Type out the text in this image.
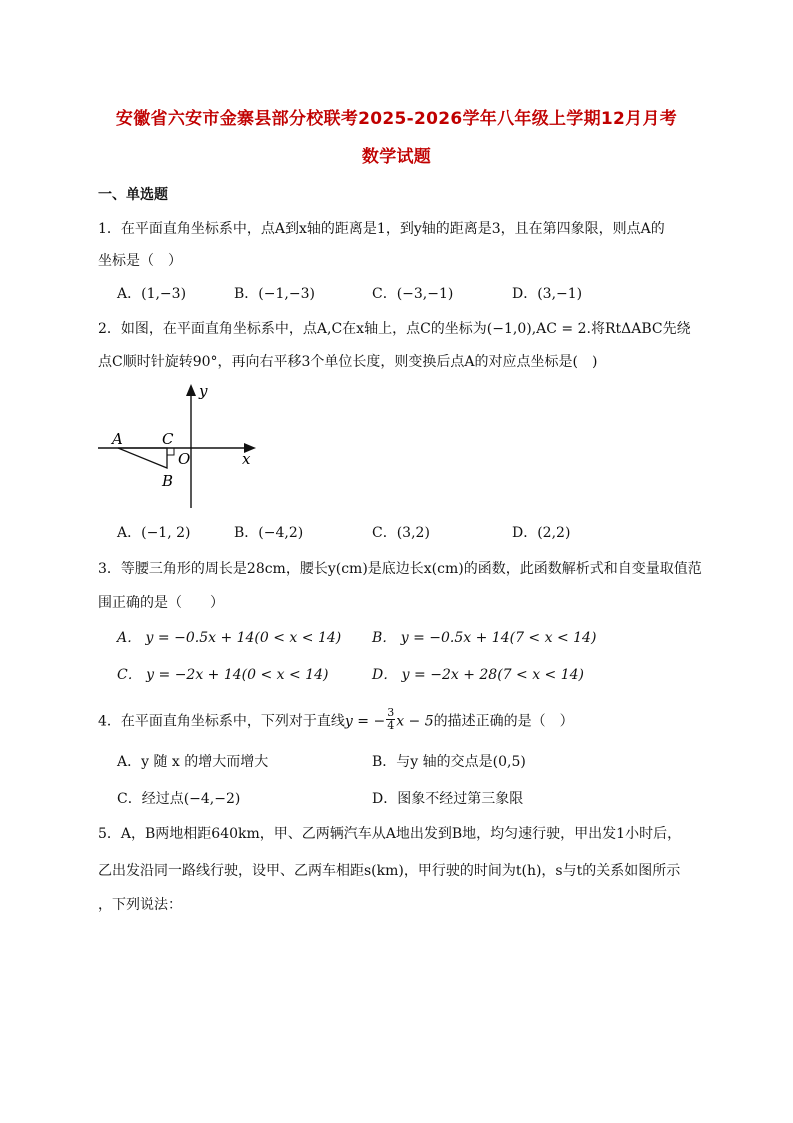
安徽省六安市金寨县部分校联考2025-2026学年八年级上学期12月月考
数学试题
一、单选题
1．在平面直角坐标系中，点A到x轴的距离是1，到y轴的距离是3，且在第四象限，则点A的
坐标是（　）
A．(1,−3)	B．(−1,−3)	C．(−3,−1)	D．(3,−1)
2．如图，在平面直角坐标系中，点A,C在x轴上，点C的坐标为(−1,0),AC = 2.将RtΔABC先绕
点C顺时针旋转90°，再向右平移3个单位长度，则变换后点A的对应点坐标是(　)
y
x
A	C
O
B
A．(−1, 2)	B．(−4,2)	C．(3,2)	D．(2,2)
3．等腰三角形的周长是28cm，腰长y(cm)是底边长x(cm)的函数，此函数解析式和自变量取值范
围正确的是（　　）
A． y = −0.5x + 14(0 < x < 14) B． y = −0.5x + 14(7 < x < 14)
C． y = −2x + 14(0 < x < 14)	D． y = −2x + 28(7 < x < 14)
4．在平面直角坐标系中，下列对于直线y = − $\frac{3}{4}$ x − 5的描述正确的是（　）
A．y 随 x 的增大而增大	B．与y 轴的交点是(0,5)
C．经过点(−4,−2)	D．图象不经过第三象限
5．A，B两地相距640km，甲、乙两辆汽车从A地出发到B地，均匀速行驶，甲出发1小时后，
乙出发沿同一路线行驶，设甲、乙两车相距s(km)，甲行驶的时间为t(h)，s与t的关系如图所示
，下列说法：
